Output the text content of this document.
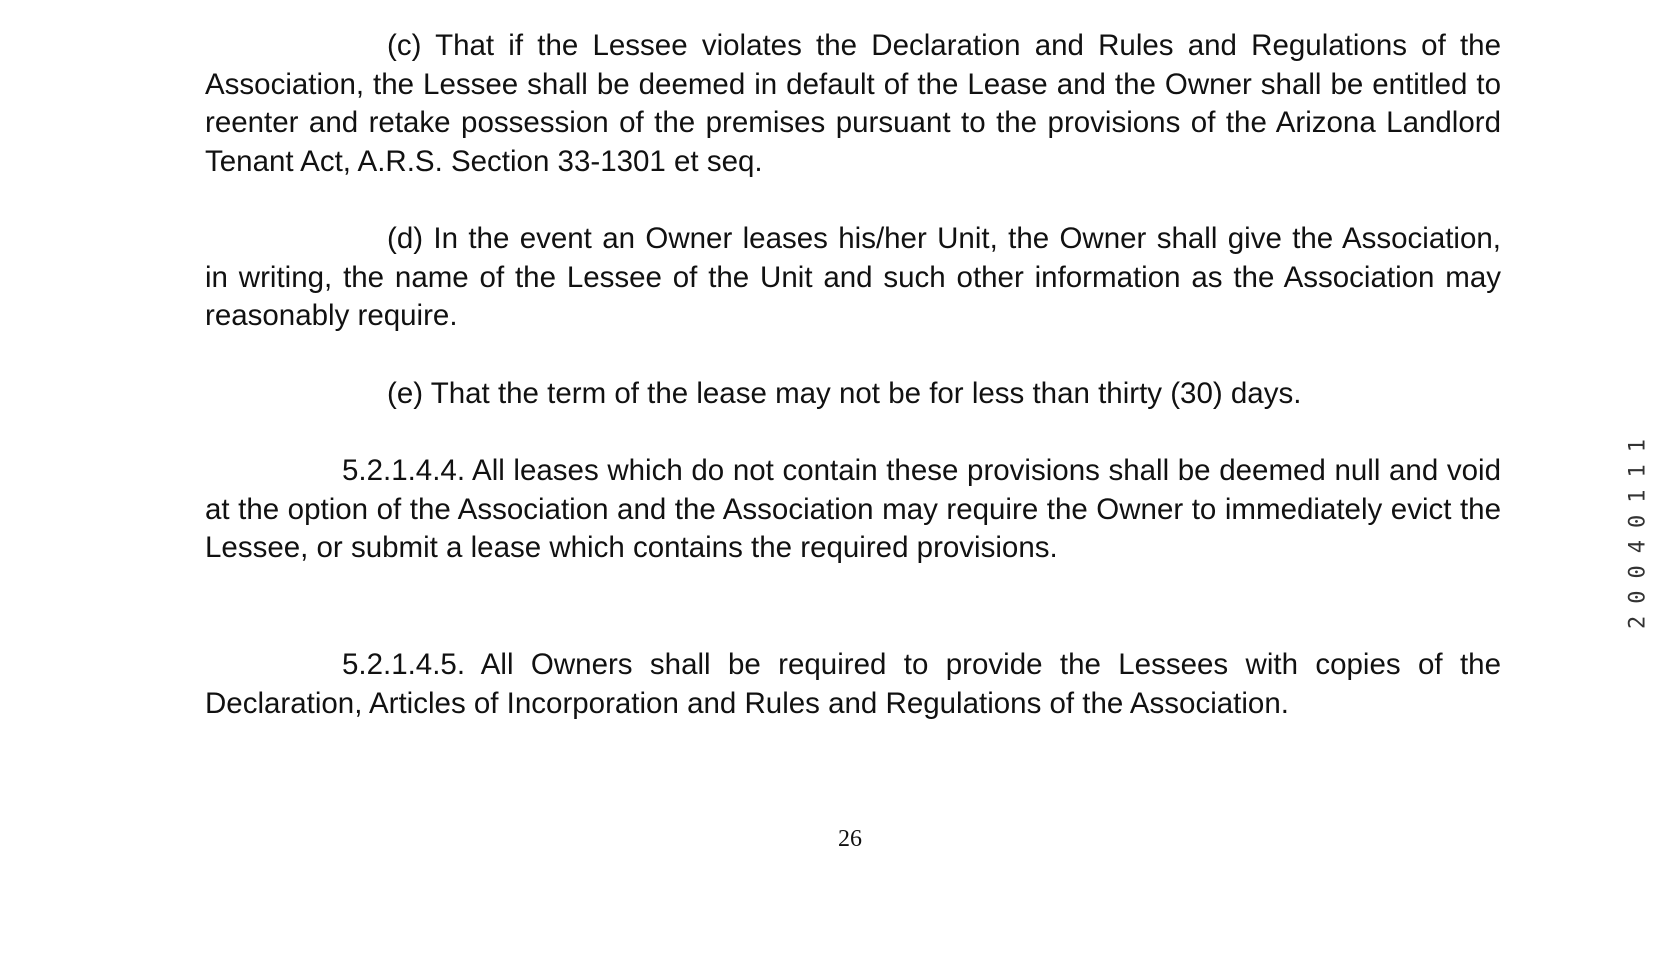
(c) That if the Lessee violates the Declaration and Rules and Regulations of the Association, the Lessee shall be deemed in default of the Lease and the Owner shall be entitled to reenter and retake possession of the premises pursuant to the provisions of the Arizona Landlord Tenant Act, A.R.S. Section 33-1301 et seq.

(d) In the event an Owner leases his/her Unit, the Owner shall give the Association, in writing, the name of the Lessee of the Unit and such other information as the Association may reasonably require.

(e) That the term of the lease may not be for less than thirty (30) days.

5.2.1.4.4. All leases which do not contain these provisions shall be deemed null and void at the option of the Association and the Association may require the Owner to immediately evict the Lessee, or submit a lease which contains the required provisions.

5.2.1.4.5. All Owners shall be required to provide the Lessees with copies of the Declaration, Articles of Incorporation and Rules and Regulations of the Association.

26
20040111
